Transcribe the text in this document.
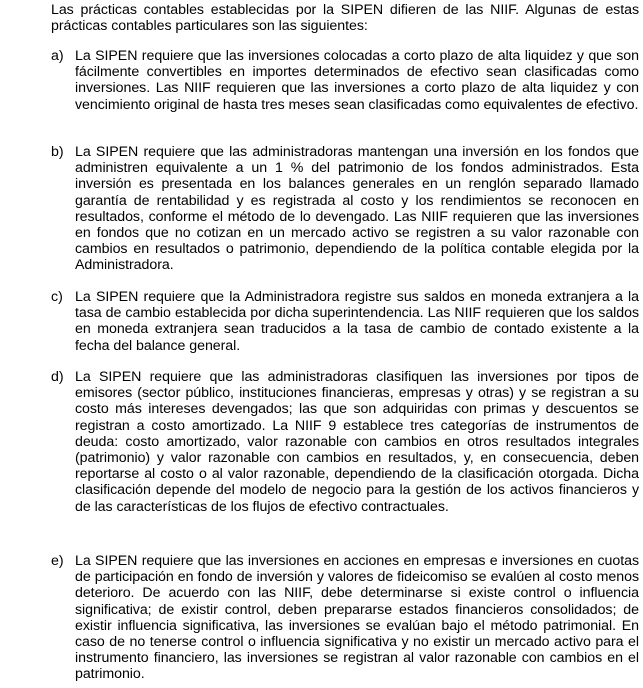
Las prácticas contables establecidas por la SIPEN difieren de las NIIF. Algunas de estas prácticas contables particulares son las siguientes:

a) La SIPEN requiere que las inversiones colocadas a corto plazo de alta liquidez y que son fácilmente convertibles en importes determinados de efectivo sean clasificadas como inversiones. Las NIIF requieren que las inversiones a corto plazo de alta liquidez y con vencimiento original de hasta tres meses sean clasificadas como equivalentes de efectivo.

b) La SIPEN requiere que las administradoras mantengan una inversión en los fondos que administren equivalente a un 1 % del patrimonio de los fondos administrados. Esta inversión es presentada en los balances generales en un renglón separado llamado garantía de rentabilidad y es registrada al costo y los rendimientos se reconocen en resultados, conforme el método de lo devengado. Las NIIF requieren que las inversiones en fondos que no cotizan en un mercado activo se registren a su valor razonable con cambios en resultados o patrimonio, dependiendo de la política contable elegida por la Administradora.

c) La SIPEN requiere que la Administradora registre sus saldos en moneda extranjera a la tasa de cambio establecida por dicha superintendencia. Las NIIF requieren que los saldos en moneda extranjera sean traducidos a la tasa de cambio de contado existente a la fecha del balance general.

d) La SIPEN requiere que las administradoras clasifiquen las inversiones por tipos de emisores (sector público, instituciones financieras, empresas y otras) y se registran a su costo más intereses devengados; las que son adquiridas con primas y descuentos se registran a costo amortizado. La NIIF 9 establece tres categorías de instrumentos de deuda: costo amortizado, valor razonable con cambios en otros resultados integrales (patrimonio) y valor razonable con cambios en resultados, y, en consecuencia, deben reportarse al costo o al valor razonable, dependiendo de la clasificación otorgada. Dicha clasificación depende del modelo de negocio para la gestión de los activos financieros y de las características de los flujos de efectivo contractuales.

e) La SIPEN requiere que las inversiones en acciones en empresas e inversiones en cuotas de participación en fondo de inversión y valores de fideicomiso se evalúen al costo menos deterioro. De acuerdo con las NIIF, debe determinarse si existe control o influencia significativa; de existir control, deben prepararse estados financieros consolidados; de existir influencia significativa, las inversiones se evalúan bajo el método patrimonial. En caso de no tenerse control o influencia significativa y no existir un mercado activo para el instrumento financiero, las inversiones se registran al valor razonable con cambios en el patrimonio.
